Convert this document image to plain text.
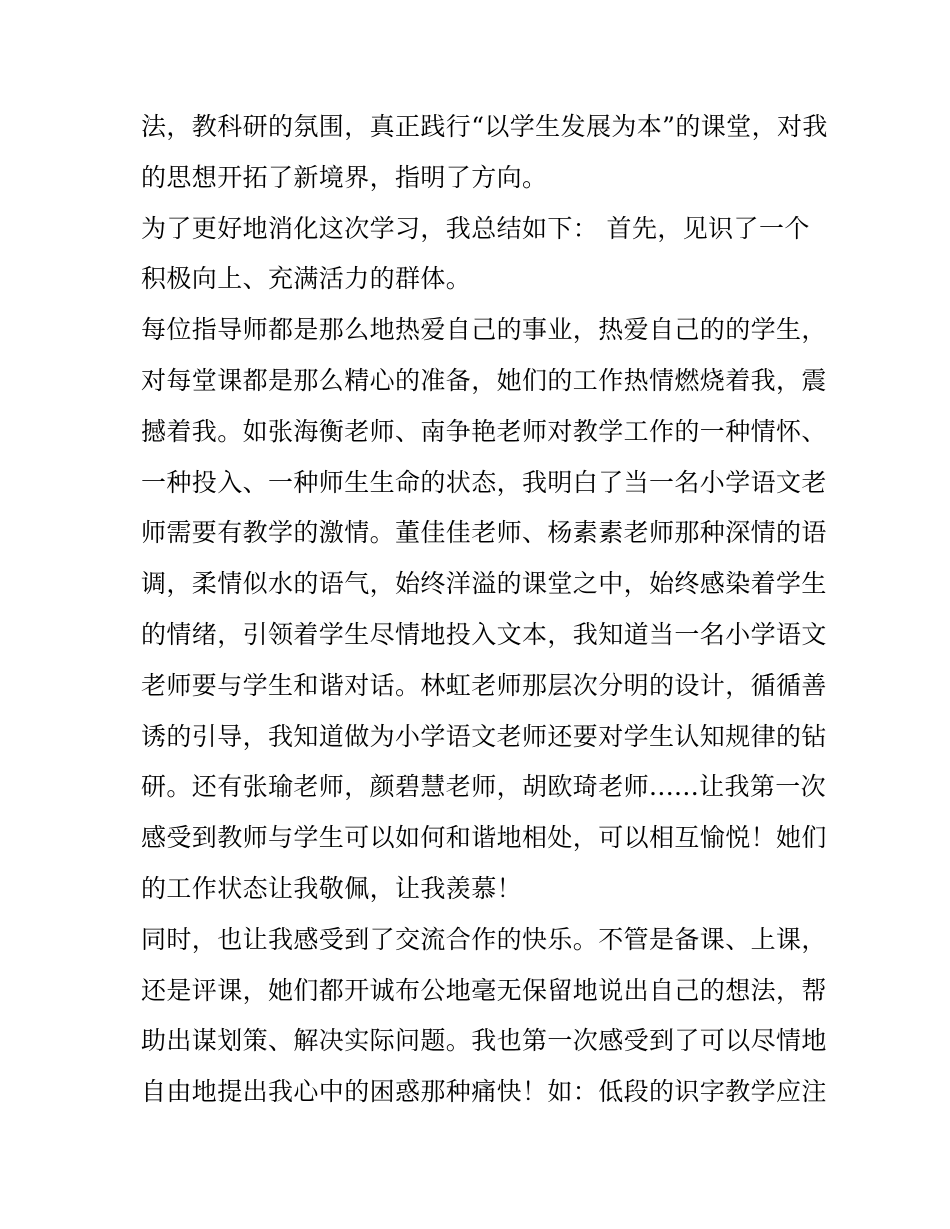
法，教科研的氛围，真正践行“以学生发展为本”的课堂，对我
的思想开拓了新境界，指明了方向。
为了更好地消化这次学习，我总结如下： 首先，见识了一个
积极向上、充满活力的群体。
每位指导师都是那么地热爱自己的事业，热爱自己的的学生，
对每堂课都是那么精心的准备，她们的工作热情燃烧着我，震
撼着我。如张海衡老师、南争艳老师对教学工作的一种情怀、
一种投入、一种师生生命的状态，我明白了当一名小学语文老
师需要有教学的激情。董佳佳老师、杨素素老师那种深情的语
调，柔情似水的语气，始终洋溢的课堂之中，始终感染着学生
的情绪，引领着学生尽情地投入文本，我知道当一名小学语文
老师要与学生和谐对话。林虹老师那层次分明的设计，循循善
诱的引导，我知道做为小学语文老师还要对学生认知规律的钻
研。还有张瑜老师，颜碧慧老师，胡欧琦老师......让我第一次
感受到教师与学生可以如何和谐地相处，可以相互愉悦！她们
的工作状态让我敬佩，让我羡慕！
同时，也让我感受到了交流合作的快乐。不管是备课、上课，
还是评课，她们都开诚布公地毫无保留地说出自己的想法，帮
助出谋划策、解决实际问题。我也第一次感受到了可以尽情地
自由地提出我心中的困惑那种痛快！如：低段的识字教学应注
